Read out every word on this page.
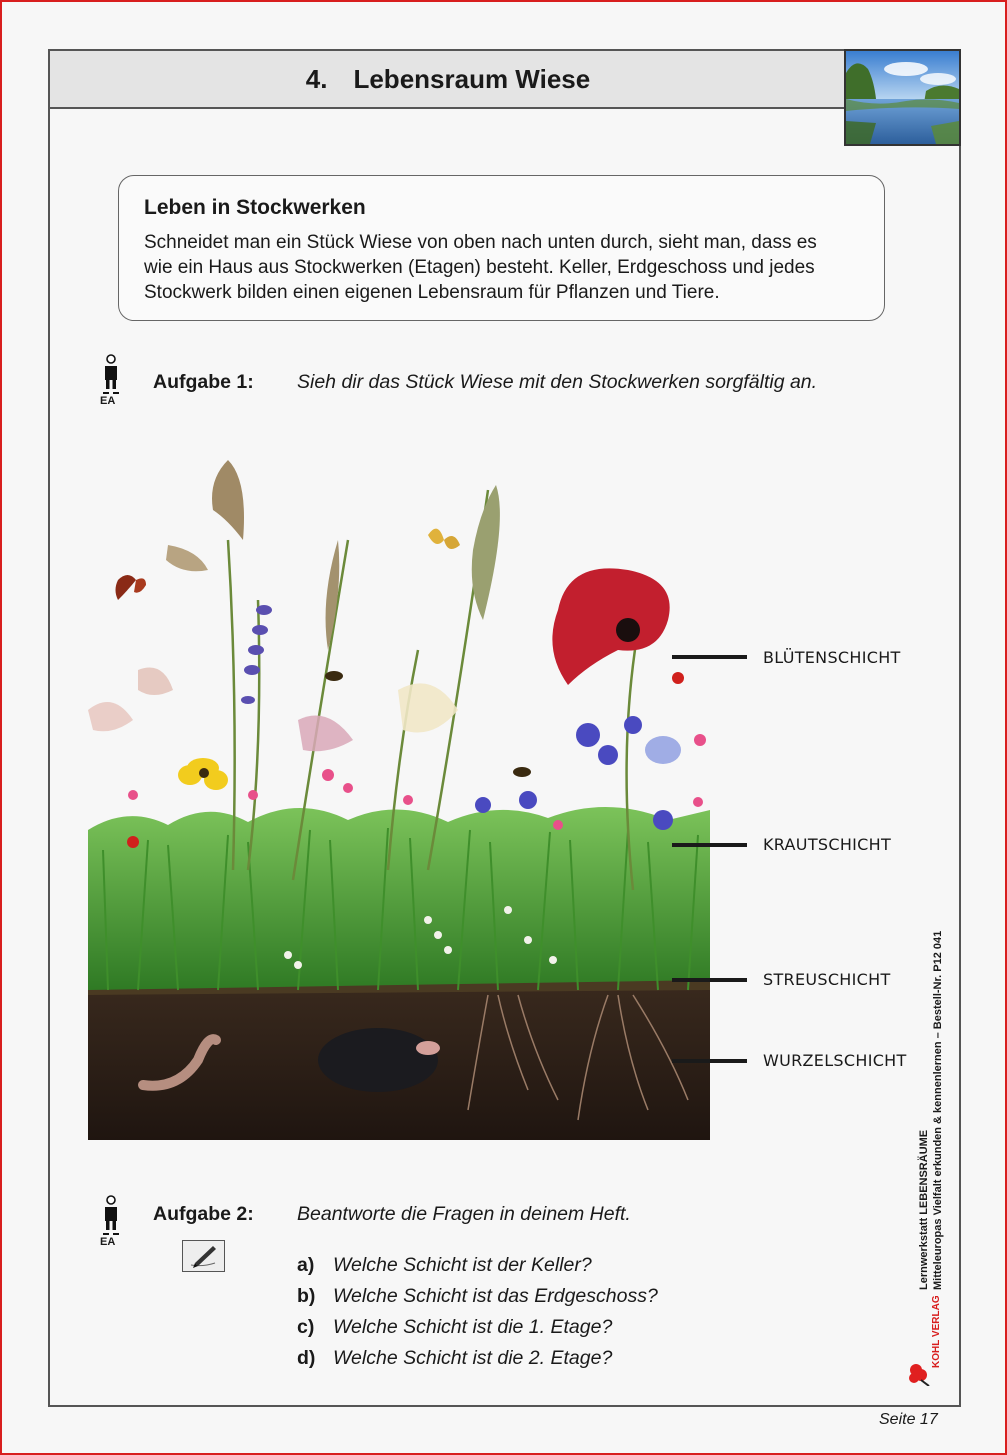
4. Lebensraum Wiese
Leben in Stockwerken

Schneidet man ein Stück Wiese von oben nach unten durch, sieht man, dass es
wie ein Haus aus Stockwerken (Etagen) besteht. Keller, Erdgeschoss und jedes
Stockwerk bilden einen eigenen Lebensraum für Pflanzen und Tiere.

EA
Aufgabe 1: Sieh dir das Stück Wiese mit den Stockwerken sorgfältig an.
BLÜTENSCHICHT
KRAUTSCHICHT
STREUSCHICHT
WURZELSCHICHT
EA
Aufgabe 2: Beantworte die Fragen in deinem Heft.
a) Welche Schicht ist der Keller?
b) Welche Schicht ist das Erdgeschoss?
c) Welche Schicht ist die 1. Etage?
d) Welche Schicht ist die 2. Etage?
Lernwerkstatt LEBENSRÄUME Mitteleuropas Vielfalt erkunden & kennenlernen – Bestell-Nr. P12 041
KOHL VERLAG
Seite 17
